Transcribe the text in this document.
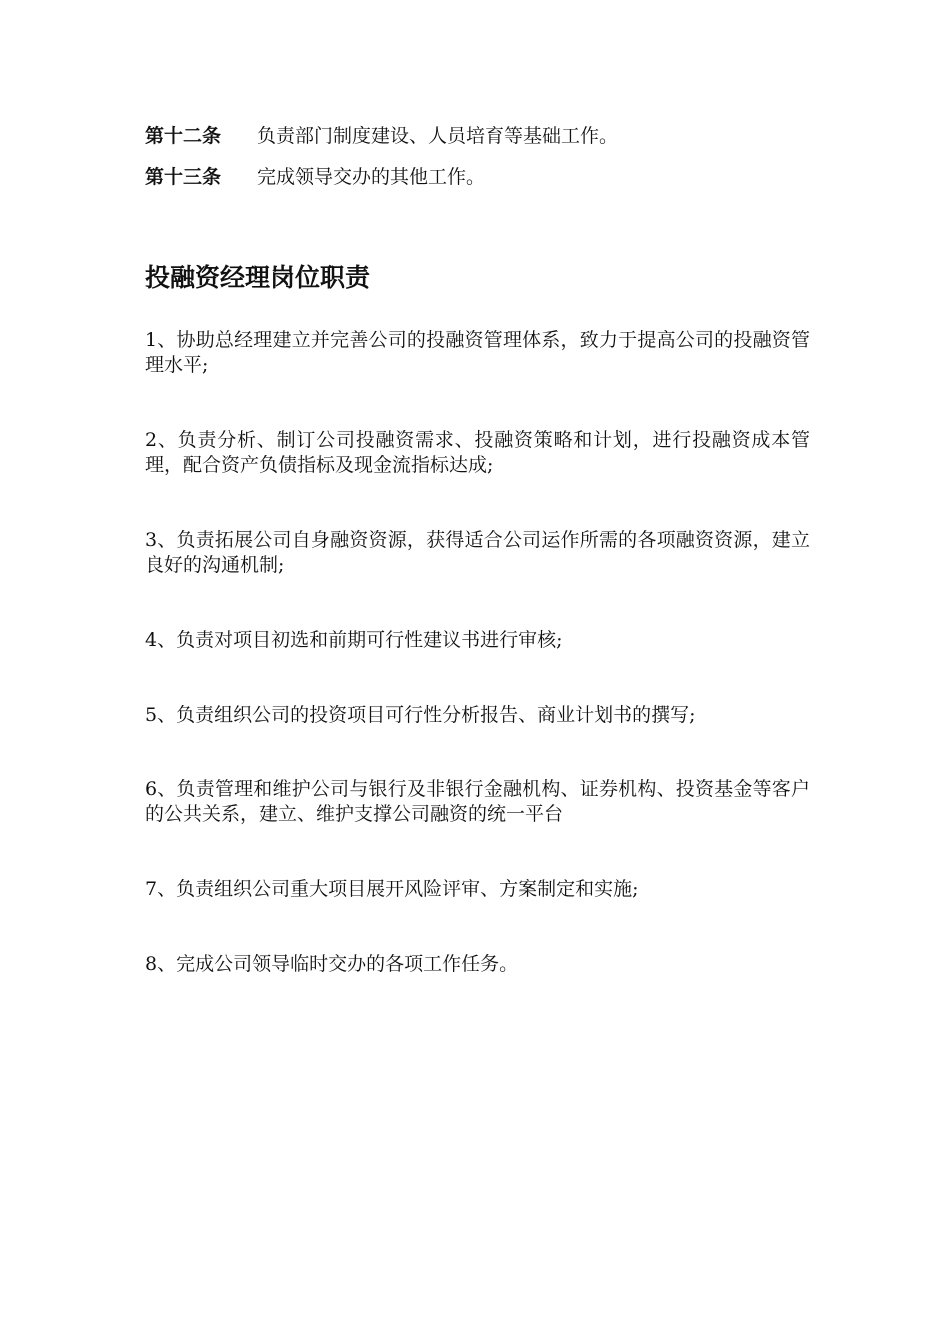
第十二条 负责部门制度建设、人员培育等基础工作。
第十三条 完成领导交办的其他工作。
投融资经理岗位职责

1、协助总经理建立并完善公司的投融资管理体系，致力于提高公司的投融资管理水平;

2、负责分析、制订公司投融资需求、投融资策略和计划，进行投融资成本管理，配合资产负债指标及现金流指标达成;

3、负责拓展公司自身融资资源，获得适合公司运作所需的各项融资资源，建立良好的沟通机制;

4、负责对项目初选和前期可行性建议书进行审核;

5、负责组织公司的投资项目可行性分析报告、商业计划书的撰写;

6、负责管理和维护公司与银行及非银行金融机构、证券机构、投资基金等客户的公共关系，建立、维护支撑公司融资的统一平台

7、负责组织公司重大项目展开风险评审、方案制定和实施;

8、完成公司领导临时交办的各项工作任务。
